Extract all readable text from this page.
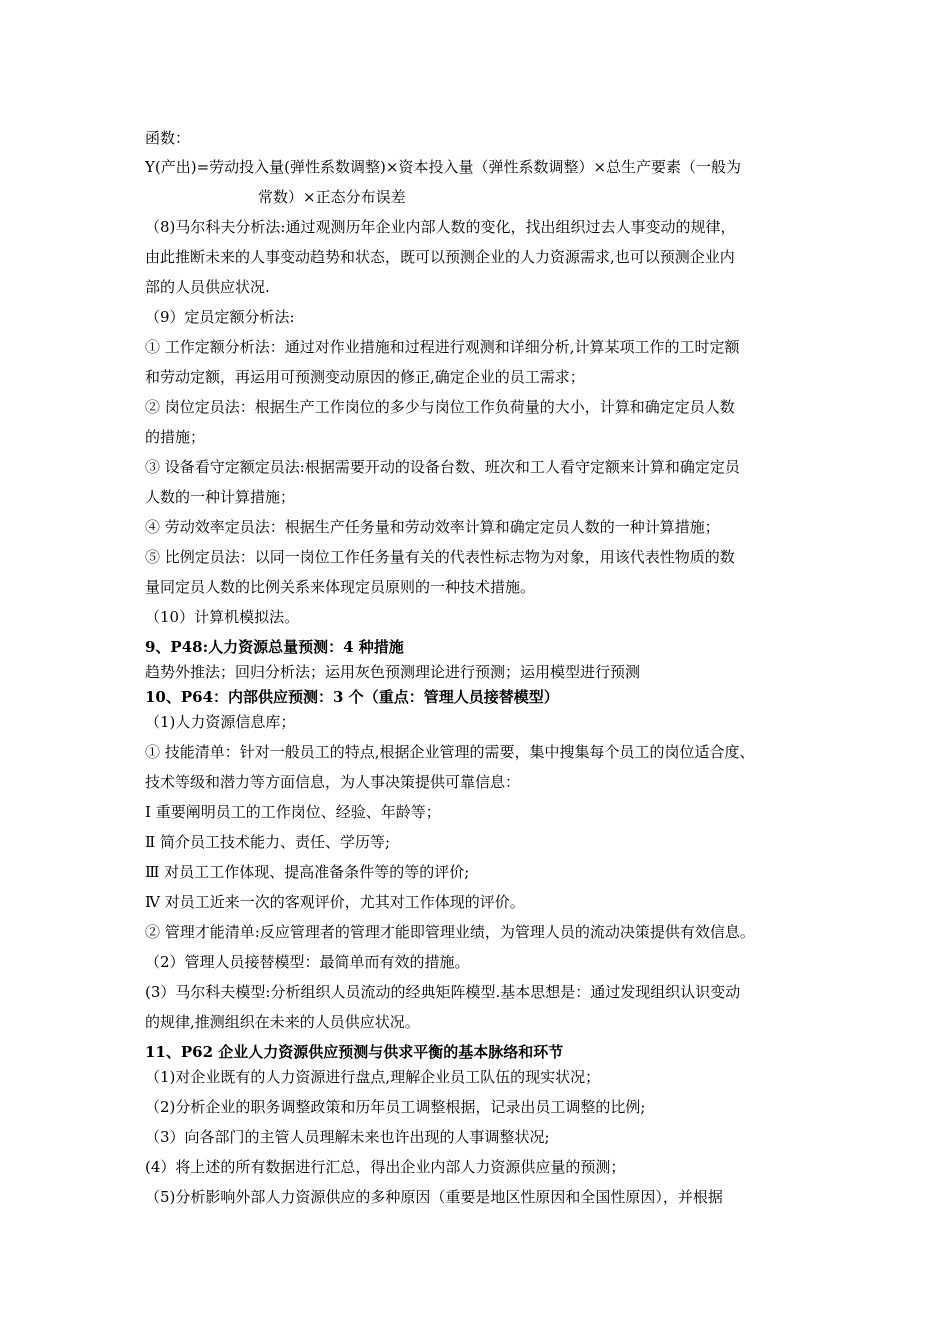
函数：
Y(产出)=劳动投入量(弹性系数调整)×资本投入量（弹性系数调整）×总生产要素（一般为
常数）×正态分布误差
（8)马尔科夫分析法:通过观测历年企业内部人数的变化，找出组织过去人事变动的规律，
由此推断未来的人事变动趋势和状态，既可以预测企业的人力资源需求,也可以预测企业内
部的人员供应状况.
（9）定员定额分析法:
① 工作定额分析法：通过对作业措施和过程进行观测和详细分析,计算某项工作的工时定额
和劳动定额，再运用可预测变动原因的修正,确定企业的员工需求；
② 岗位定员法：根据生产工作岗位的多少与岗位工作负荷量的大小，计算和确定定员人数
的措施；
③ 设备看守定额定员法:根据需要开动的设备台数、班次和工人看守定额来计算和确定定员
人数的一种计算措施；
④ 劳动效率定员法：根据生产任务量和劳动效率计算和确定定员人数的一种计算措施；
⑤ 比例定员法：以同一岗位工作任务量有关的代表性标志物为对象，用该代表性物质的数
量同定员人数的比例关系来体现定员原则的一种技术措施。
（10）计算机模拟法。
9、P48:人力资源总量预测：4 种措施
趋势外推法；回归分析法；运用灰色预测理论进行预测；运用模型进行预测
10、P64：内部供应预测：3 个（重点：管理人员接替模型）
（1)人力资源信息库；
① 技能清单：针对一般员工的特点,根据企业管理的需要，集中搜集每个员工的岗位适合度、
技术等级和潜力等方面信息，为人事决策提供可靠信息：
Ⅰ 重要阐明员工的工作岗位、经验、年龄等；
Ⅱ 简介员工技术能力、责任、学历等;
Ⅲ 对员工工作体现、提高准备条件等的等的评价;
Ⅳ 对员工近来一次的客观评价，尤其对工作体现的评价。
② 管理才能清单:反应管理者的管理才能即管理业绩，为管理人员的流动决策提供有效信息。
（2）管理人员接替模型：最简单而有效的措施。
(3）马尔科夫模型:分析组织人员流动的经典矩阵模型.基本思想是：通过发现组织认识变动
的规律,推测组织在未来的人员供应状况。
11、P62 企业人力资源供应预测与供求平衡的基本脉络和环节
（1)对企业既有的人力资源进行盘点,理解企业员工队伍的现实状况；
（2)分析企业的职务调整政策和历年员工调整根据，记录出员工调整的比例;
（3）向各部门的主管人员理解未来也许出现的人事调整状况;
(4）将上述的所有数据进行汇总，得出企业内部人力资源供应量的预测；
（5)分析影响外部人力资源供应的多种原因（重要是地区性原因和全国性原因），并根据
